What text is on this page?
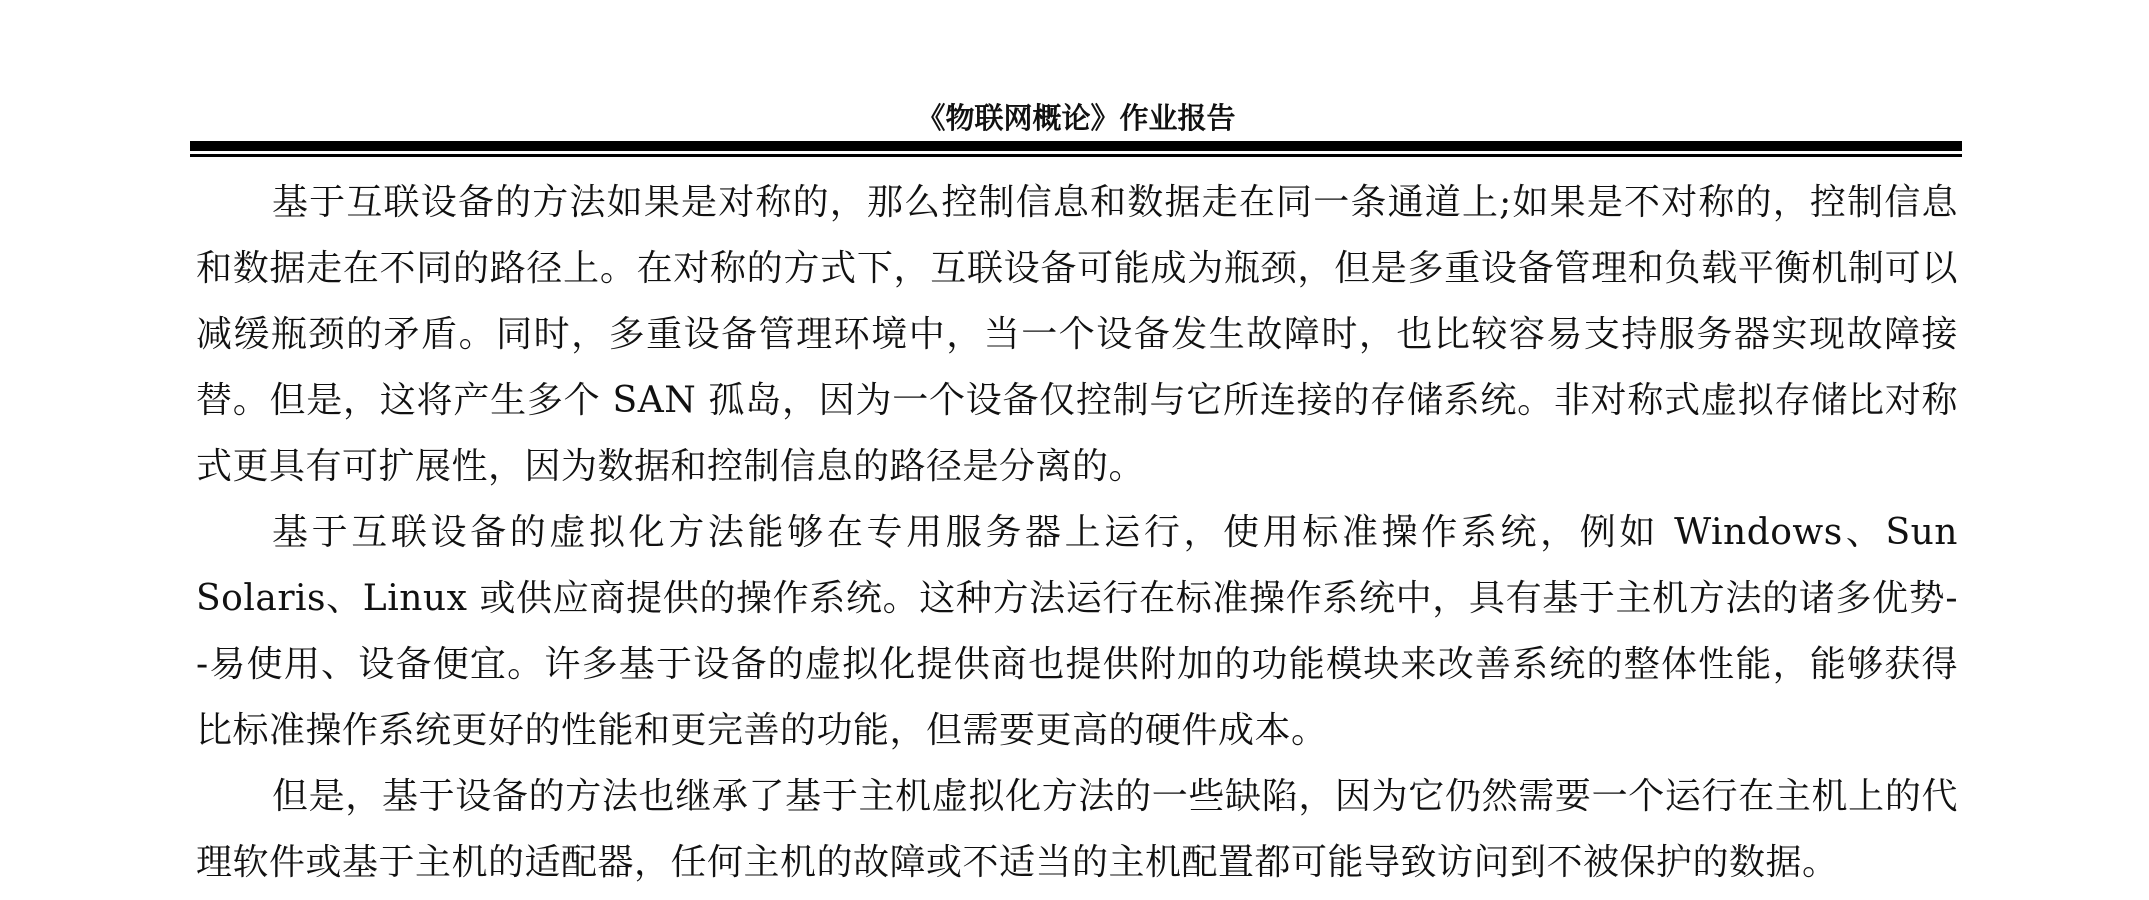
《物联网概论》作业报告

基于互联设备的方法如果是对称的，那么控制信息和数据走在同一条通道上;如果是不对称的，控制信息和数据走在不同的路径上。在对称的方式下，互联设备可能成为瓶颈，但是多重设备管理和负载平衡机制可以减缓瓶颈的矛盾。同时，多重设备管理环境中，当一个设备发生故障时，也比较容易支持服务器实现故障接替。但是，这将产生多个 SAN 孤岛，因为一个设备仅控制与它所连接的存储系统。非对称式虚拟存储比对称式更具有可扩展性，因为数据和控制信息的路径是分离的。

基于互联设备的虚拟化方法能够在专用服务器上运行，使用标准操作系统，例如 Windows、Sun Solaris、Linux 或供应商提供的操作系统。这种方法运行在标准操作系统中，具有基于主机方法的诸多优势--易使用、设备便宜。许多基于设备的虚拟化提供商也提供附加的功能模块来改善系统的整体性能，能够获得比标准操作系统更好的性能和更完善的功能，但需要更高的硬件成本。

但是，基于设备的方法也继承了基于主机虚拟化方法的一些缺陷，因为它仍然需要一个运行在主机上的代理软件或基于主机的适配器，任何主机的故障或不适当的主机配置都可能导致访问到不被保护的数据。
